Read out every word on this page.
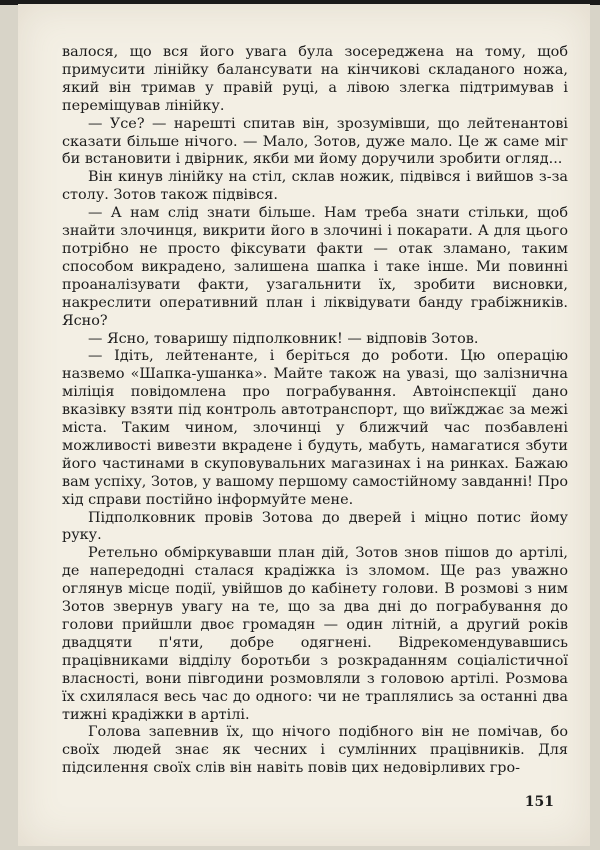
валося, що вся його увага була зосереджена на тому, щоб примусити лінійку балансувати на кінчикові складаного ножа, який він тримав у правій руці, а лівою злегка підтримував і переміщував лінійку.

— Усе? — нарешті спитав він, зрозумівши, що лейтенантові сказати більше нічого. — Мало, Зотов, дуже мало. Це ж саме міг би встановити і двірник, якби ми йому доручили зробити огляд...

Він кинув лінійку на стіл, склав ножик, підвівся і вийшов з-за столу. Зотов також підвівся.

— А нам слід знати більше. Нам треба знати стільки, щоб знайти злочинця, викрити його в злочині і покарати. А для цього потрібно не просто фіксувати факти — отак зламано, таким способом викрадено, залишена шапка і таке інше. Ми повинні проаналізувати факти, узагальнити їх, зробити висновки, накреслити оперативний план і ліквідувати банду грабіжників. Ясно?

— Ясно, товаришу підполковник! — відповів Зотов.

— Ідіть, лейтенанте, і беріться до роботи. Цю операцію назвемо «Шапка-ушанка». Майте також на увазі, що залізнична міліція повідомлена про пограбування. Автоінспекції дано вказівку взяти під контроль автотранспорт, що виїжджає за межі міста. Таким чином, злочинці у ближчий час позбавлені можливості вивезти вкрадене і будуть, мабуть, намагатися збути його частинами в скуповувальних магазинах і на ринках. Бажаю вам успіху, Зотов, у вашому першому самостійному завданні! Про хід справи постійно інформуйте мене.

Підполковник провів Зотова до дверей і міцно потис йому руку.

Ретельно обміркувавши план дій, Зотов знов пішов до артілі, де напередодні сталася крадіжка із зломом. Ще раз уважно оглянув місце події, увійшов до кабінету голови. В розмові з ним Зотов звернув увагу на те, що за два дні до пограбування до голови прийшли двоє громадян — один літній, а другий років двадцяти п'яти, добре одягнені. Відрекомендувавшись працівниками відділу боротьби з розкраданням соціалістичної власності, вони півгодини розмовляли з головою артілі. Розмова їх схилялася весь час до одного: чи не траплялись за останні два тижні крадіжки в артілі.

Голова запевнив їх, що нічого подібного він не помічав, бо своїх людей знає як чесних і сумлінних працівників. Для підсилення своїх слів він навіть повів цих недовірливих гро-

151
